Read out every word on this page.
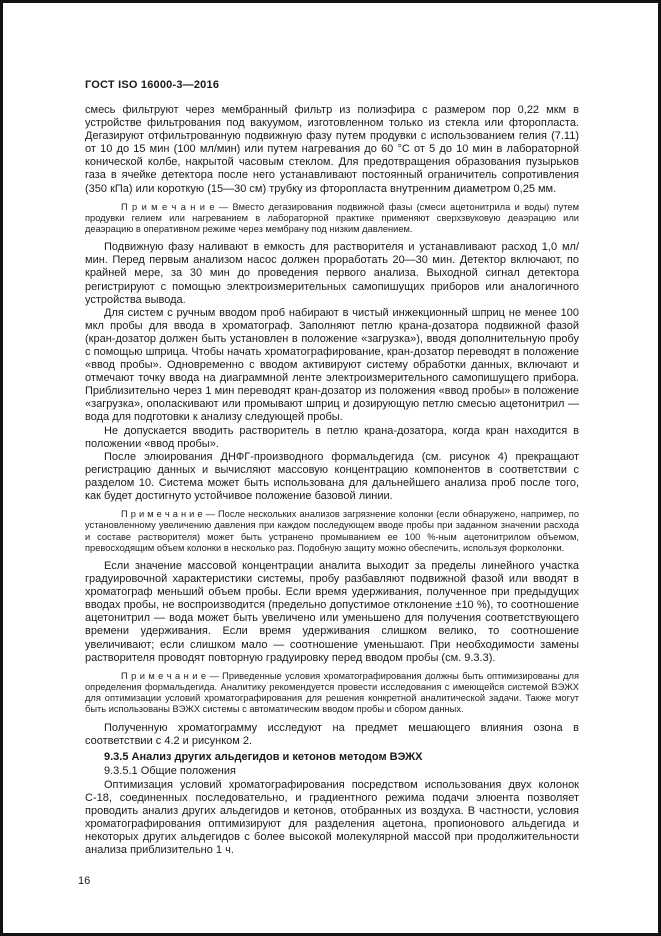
ГОСТ ISO 16000-3—2016

смесь фильтруют через мембранный фильтр из полиэфира с размером пор 0,22 мкм в устройстве фильтрования под вакуумом, изготовленном только из стекла или фторопласта. Дегазируют отфильтрованную подвижную фазу путем продувки с использованием гелия (7.11) от 10 до 15 мин (100 мл/мин) или путем нагревания до 60 °С от 5 до 10 мин в лабораторной конической колбе, накрытой часовым стеклом. Для предотвращения образования пузырьков газа в ячейке детектора после него устанавливают постоянный ограничитель сопротивления (350 кПа) или короткую (15—30 см) трубку из фторопласта внутренним диаметром 0,25 мм.

П р и м е ч а н и е — Вместо дегазирования подвижной фазы (смеси ацетонитрила и воды) путем продувки гелием или нагреванием в лабораторной практике применяют сверхзвуковую деаэрацию или деаэрацию в оперативном режиме через мембрану под низким давлением.

Подвижную фазу наливают в емкость для растворителя и устанавливают расход 1,0 мл/мин. Перед первым анализом насос должен проработать 20—30 мин. Детектор включают, по крайней мере, за 30 мин до проведения первого анализа. Выходной сигнал детектора регистрируют с помощью электроизмерительных самопишущих приборов или аналогичного устройства вывода.

Для систем с ручным вводом проб набирают в чистый инжекционный шприц не менее 100 мкл пробы для ввода в хроматограф. Заполняют петлю крана-дозатора подвижной фазой (кран-дозатор должен быть установлен в положение «загрузка»), вводя дополнительную пробу с помощью шприца. Чтобы начать хроматографирование, кран-дозатор переводят в положение «ввод пробы». Одновременно с вводом активируют систему обработки данных, включают и отмечают точку ввода на диаграммной ленте электроизмерительного самопишущего прибора. Приблизительно через 1 мин переводят кран-дозатор из положения «ввод пробы» в положение «загрузка», ополаскивают или промывают шприц и дозирующую петлю смесью ацетонитрил — вода для подготовки к анализу следующей пробы.

Не допускается вводить растворитель в петлю крана-дозатора, когда кран находится в положении «ввод пробы».

После элюирования ДНФГ-производного формальдегида (см. рисунок 4) прекращают регистрацию данных и вычисляют массовую концентрацию компонентов в соответствии с разделом 10. Система может быть использована для дальнейшего анализа проб после того, как будет достигнуто устойчивое положение базовой линии.

П р и м е ч а н и е — После нескольких анализов загрязнение колонки (если обнаружено, например, по установленному увеличению давления при каждом последующем вводе пробы при заданном значении расхода и составе растворителя) может быть устранено промыванием ее 100 %-ным ацетонитрилом объемом, превосходящим объем колонки в несколько раз. Подобную защиту можно обеспечить, используя форколонки.

Если значение массовой концентрации аналита выходит за пределы линейного участка градуировочной характеристики системы, пробу разбавляют подвижной фазой или вводят в хроматограф меньший объем пробы. Если время удерживания, полученное при предыдущих вводах пробы, не воспроизводится (предельно допустимое отклонение ±10 %), то соотношение ацетонитрил — вода может быть увеличено или уменьшено для получения соответствующего времени удерживания. Если время удерживания слишком велико, то соотношение увеличивают; если слишком мало — соотношение уменьшают. При необходимости замены растворителя проводят повторную градуировку перед вводом пробы (см. 9.3.3).

П р и м е ч а н и е — Приведенные условия хроматографирования должны быть оптимизированы для определения формальдегида. Аналитику рекомендуется провести исследования с имеющейся системой ВЭЖХ для оптимизации условий хроматографирования для решения конкретной аналитической задачи. Также могут быть использованы ВЭЖХ системы с автоматическим вводом пробы и сбором данных.

Полученную хроматограмму исследуют на предмет мешающего влияния озона в соответствии с 4.2 и рисунком 2.

9.3.5 Анализ других альдегидов и кетонов методом ВЭЖХ

9.3.5.1 Общие положения

Оптимизация условий хроматографирования посредством использования двух колонок С-18, соединенных последовательно, и градиентного режима подачи элюента позволяет проводить анализ других альдегидов и кетонов, отобранных из воздуха. В частности, условия хроматографирования оптимизируют для разделения ацетона, пропионового альдегида и некоторых других альдегидов с более высокой молекулярной массой при продолжительности анализа приблизительно 1 ч.

16
